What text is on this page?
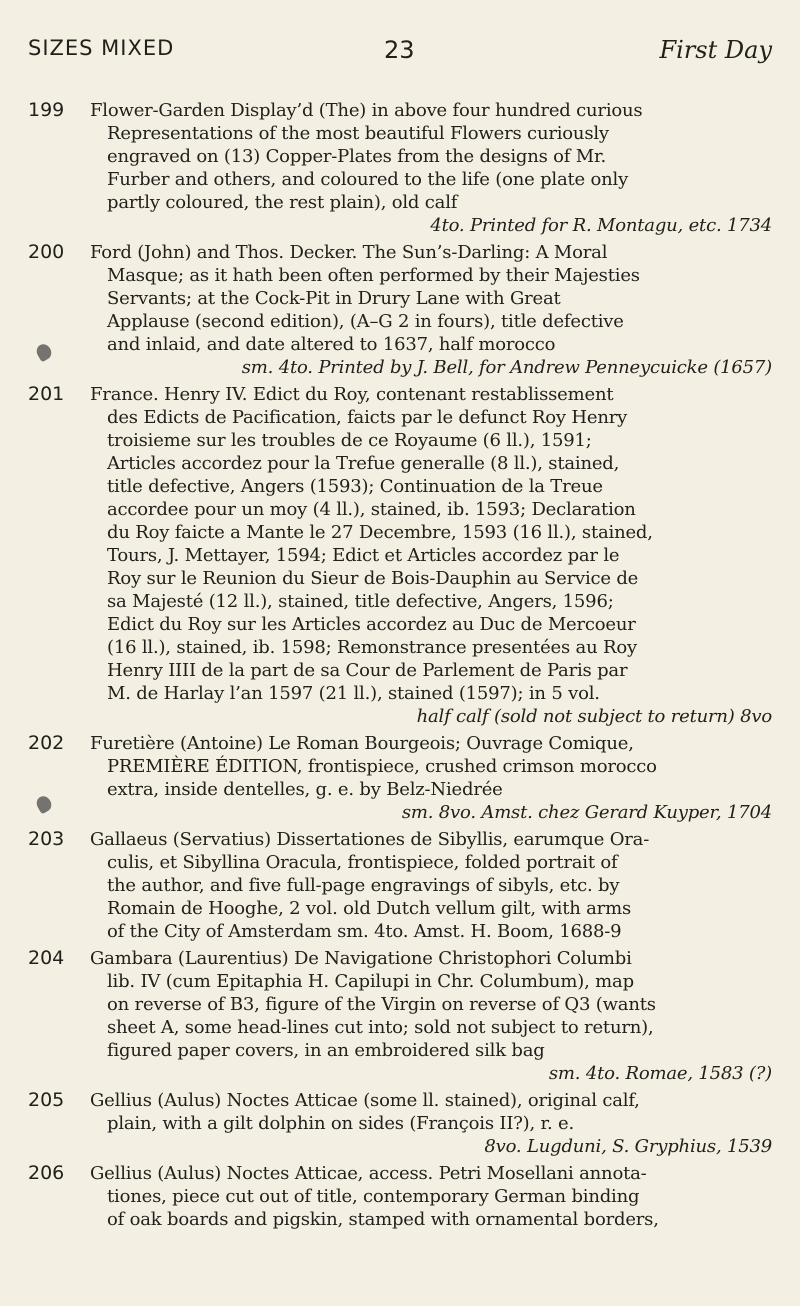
SIZES MIXED	23	First Day
199 Flower-Garden Display’d (The) in above four hundred curious
Representations of the most beautiful Flowers curiously
engraved on (13) Copper-Plates from the designs of Mr.
Furber and others, and coloured to the life (one plate only
partly coloured, the rest plain), old calf
4to. Printed for R. Montagu, etc. 1734
200 Ford (John) and Thos. Decker. The Sun’s-Darling: A Moral
Masque; as it hath been often performed by their Majesties
Servants; at the Cock-Pit in Drury Lane with Great
Applause (second edition), (A–G 2 in fours), title defective
and inlaid, and date altered to 1637, half morocco
sm. 4to. Printed by J. Bell, for Andrew Penneycuicke (1657)
201 France. Henry IV. Edict du Roy, contenant restablissement
des Edicts de Pacification, faicts par le defunct Roy Henry
troisieme sur les troubles de ce Royaume (6 ll.), 1591;
Articles accordez pour la Trefue generalle (8 ll.), stained,
title defective, Angers (1593); Continuation de la Treue
accordee pour un moy (4 ll.), stained, ib. 1593; Declaration
du Roy faicte a Mante le 27 Decembre, 1593 (16 ll.), stained,
Tours, J. Mettayer, 1594; Edict et Articles accordez par le
Roy sur le Reunion du Sieur de Bois-Dauphin au Service de
sa Majesté (12 ll.), stained, title defective, Angers, 1596;
Edict du Roy sur les Articles accordez au Duc de Mercoeur
(16 ll.), stained, ib. 1598; Remonstrance presentées au Roy
Henry IIII de la part de sa Cour de Parlement de Paris par
M. de Harlay l’an 1597 (21 ll.), stained (1597); in 5 vol.
half calf (sold not subject to return) 8vo
202 Furetière (Antoine) Le Roman Bourgeois; Ouvrage Comique,
PREMIÈRE ÉDITION, frontispiece, crushed crimson morocco
extra, inside dentelles, g. e. by Belz-Niedrée
sm. 8vo. Amst. chez Gerard Kuyper, 1704
203 Gallaeus (Servatius) Dissertationes de Sibyllis, earumque Ora-
culis, et Sibyllina Oracula, frontispiece, folded portrait of
the author, and five full-page engravings of sibyls, etc. by
Romain de Hooghe, 2 vol. old Dutch vellum gilt, with arms
of the City of Amsterdam sm. 4to. Amst. H. Boom, 1688-9
204 Gambara (Laurentius) De Navigatione Christophori Columbi
lib. IV (cum Epitaphia H. Capilupi in Chr. Columbum), map
on reverse of B3, figure of the Virgin on reverse of Q3 (wants
sheet A, some head-lines cut into; sold not subject to return),
figured paper covers, in an embroidered silk bag
sm. 4to. Romae, 1583 (?)
205 Gellius (Aulus) Noctes Atticae (some ll. stained), original calf,
plain, with a gilt dolphin on sides (François II?), r. e.
8vo. Lugduni, S. Gryphius, 1539
206 Gellius (Aulus) Noctes Atticae, access. Petri Mosellani annota-
tiones, piece cut out of title, contemporary German binding
of oak boards and pigskin, stamped with ornamental borders,
